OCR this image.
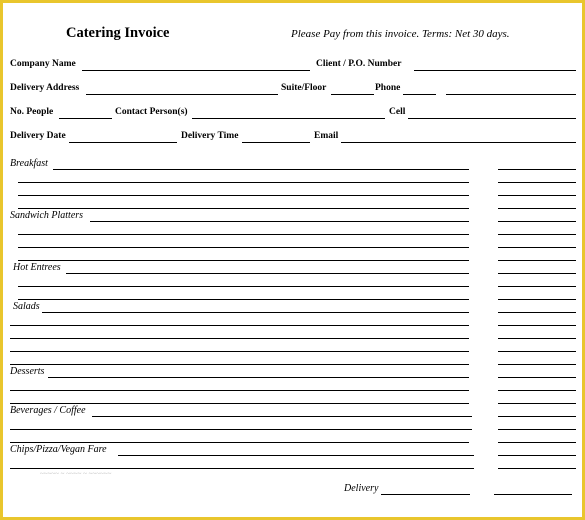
Catering Invoice	Please Pay from this invoice. Terms: Net 30 days.
Company Name	Client / P.O. Number
Delivery Address	Suite/Floor	Phone
No. People	Contact Person(s)	Cell
Delivery Date	Delivery Time	Email
Breakfast
Sandwich Platters
Hot Entrees
Salads
Desserts
Beverages / Coffee
Chips/Pizza/Vegan Fare
~~~~~ ~ ~~~~ ~ ~~~~~~
Delivery
